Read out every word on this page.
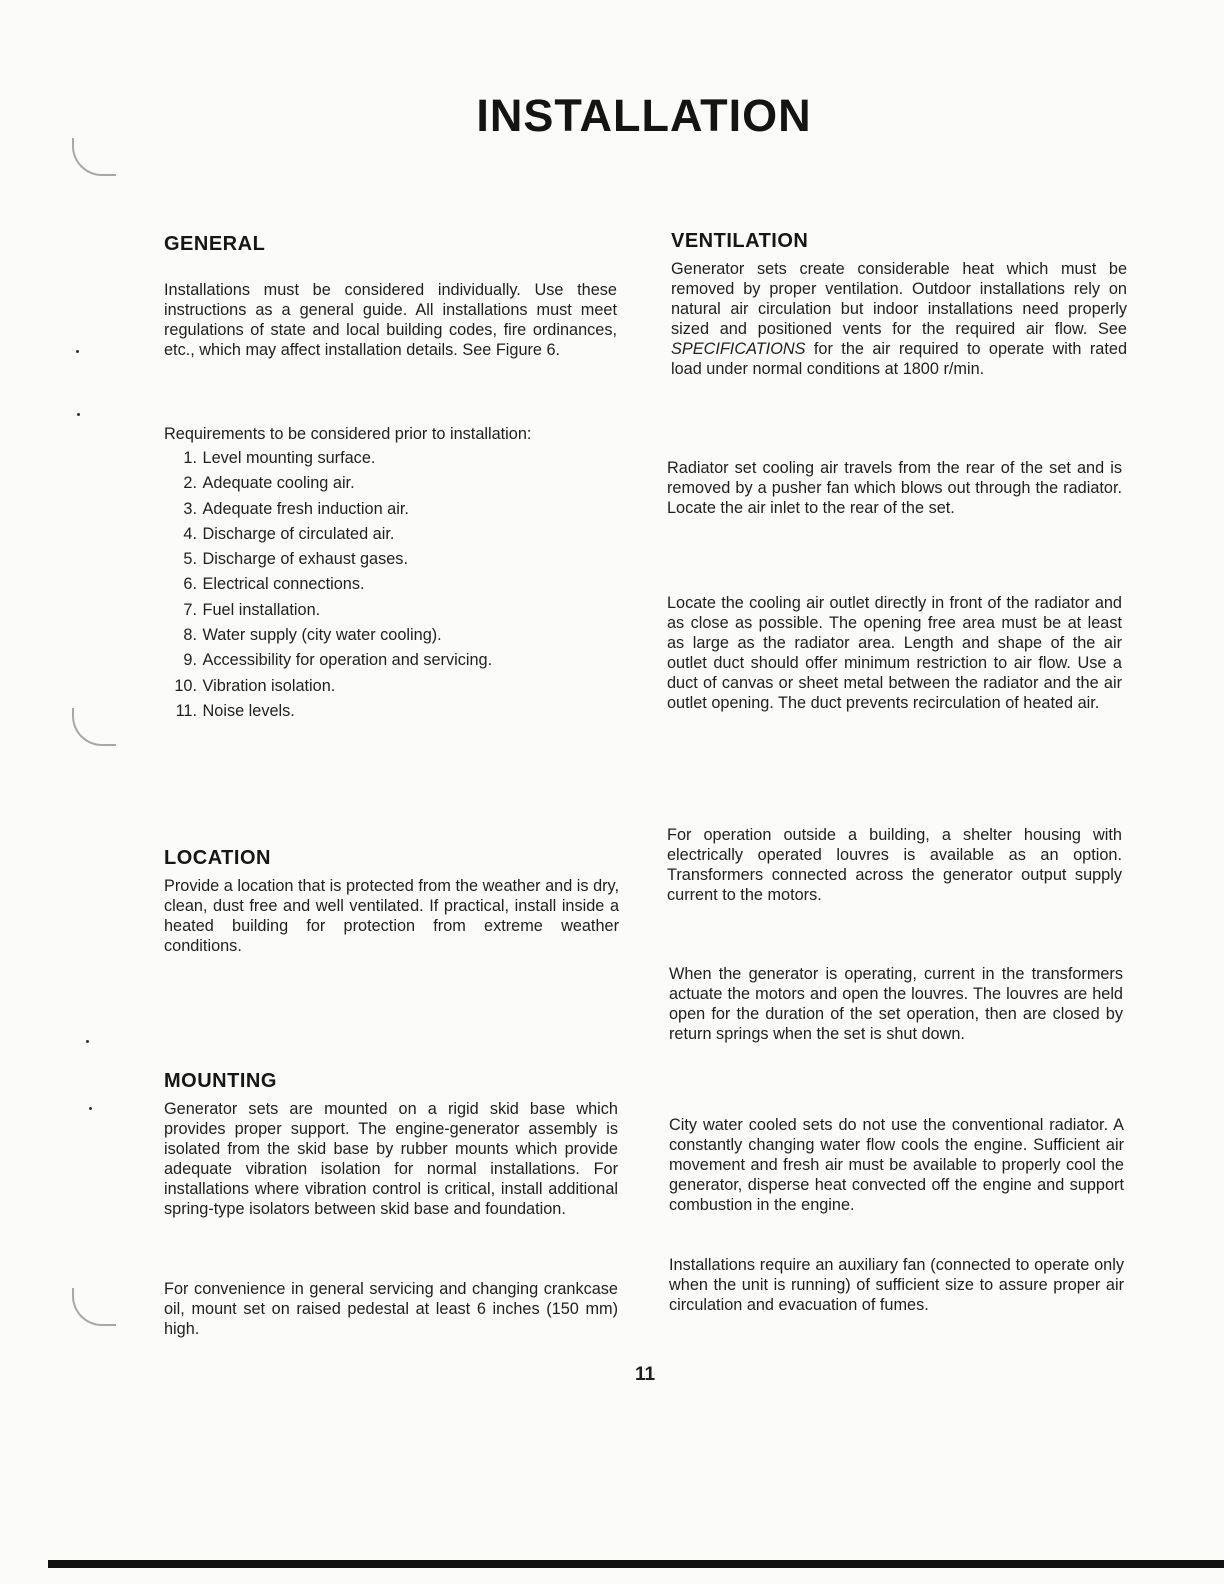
INSTALLATION
GENERAL

Installations must be considered individually. Use these instructions as a general guide. All installations must meet regulations of state and local building codes, fire ordinances, etc., which may affect installation details. See Figure 6.

Requirements to be considered prior to installation:

1. Level mounting surface.
2. Adequate cooling air.
3. Adequate fresh induction air.
4. Discharge of circulated air.
5. Discharge of exhaust gases.
6. Electrical connections.
7. Fuel installation.
8. Water supply (city water cooling).
9. Accessibility for operation and servicing.
10. Vibration isolation.
11. Noise levels.
LOCATION

Provide a location that is protected from the weather and is dry, clean, dust free and well ventilated. If practical, install inside a heated building for protection from extreme weather conditions.

MOUNTING

Generator sets are mounted on a rigid skid base which provides proper support. The engine-generator assembly is isolated from the skid base by rubber mounts which provide adequate vibration isolation for normal installations. For installations where vibration control is critical, install additional spring-type isolators between skid base and foundation.

For convenience in general servicing and changing crankcase oil, mount set on raised pedestal at least 6 inches (150 mm) high.

VENTILATION

Generator sets create considerable heat which must be removed by proper ventilation. Outdoor installations rely on natural air circulation but indoor installations need properly sized and positioned vents for the required air flow. See SPECIFICATIONS for the air required to operate with rated load under normal conditions at 1800 r/min.

Radiator set cooling air travels from the rear of the set and is removed by a pusher fan which blows out through the radiator. Locate the air inlet to the rear of the set.

Locate the cooling air outlet directly in front of the radiator and as close as possible. The opening free area must be at least as large as the radiator area. Length and shape of the air outlet duct should offer minimum restriction to air flow. Use a duct of canvas or sheet metal between the radiator and the air outlet opening. The duct prevents recirculation of heated air.

For operation outside a building, a shelter housing with electrically operated louvres is available as an option. Transformers connected across the generator output supply current to the motors.

When the generator is operating, current in the transformers actuate the motors and open the louvres. The louvres are held open for the duration of the set operation, then are closed by return springs when the set is shut down.

City water cooled sets do not use the conventional radiator. A constantly changing water flow cools the engine. Sufficient air movement and fresh air must be available to properly cool the generator, disperse heat convected off the engine and support combustion in the engine.

Installations require an auxiliary fan (connected to operate only when the unit is running) of sufficient size to assure proper air circulation and evacuation of fumes.

11
